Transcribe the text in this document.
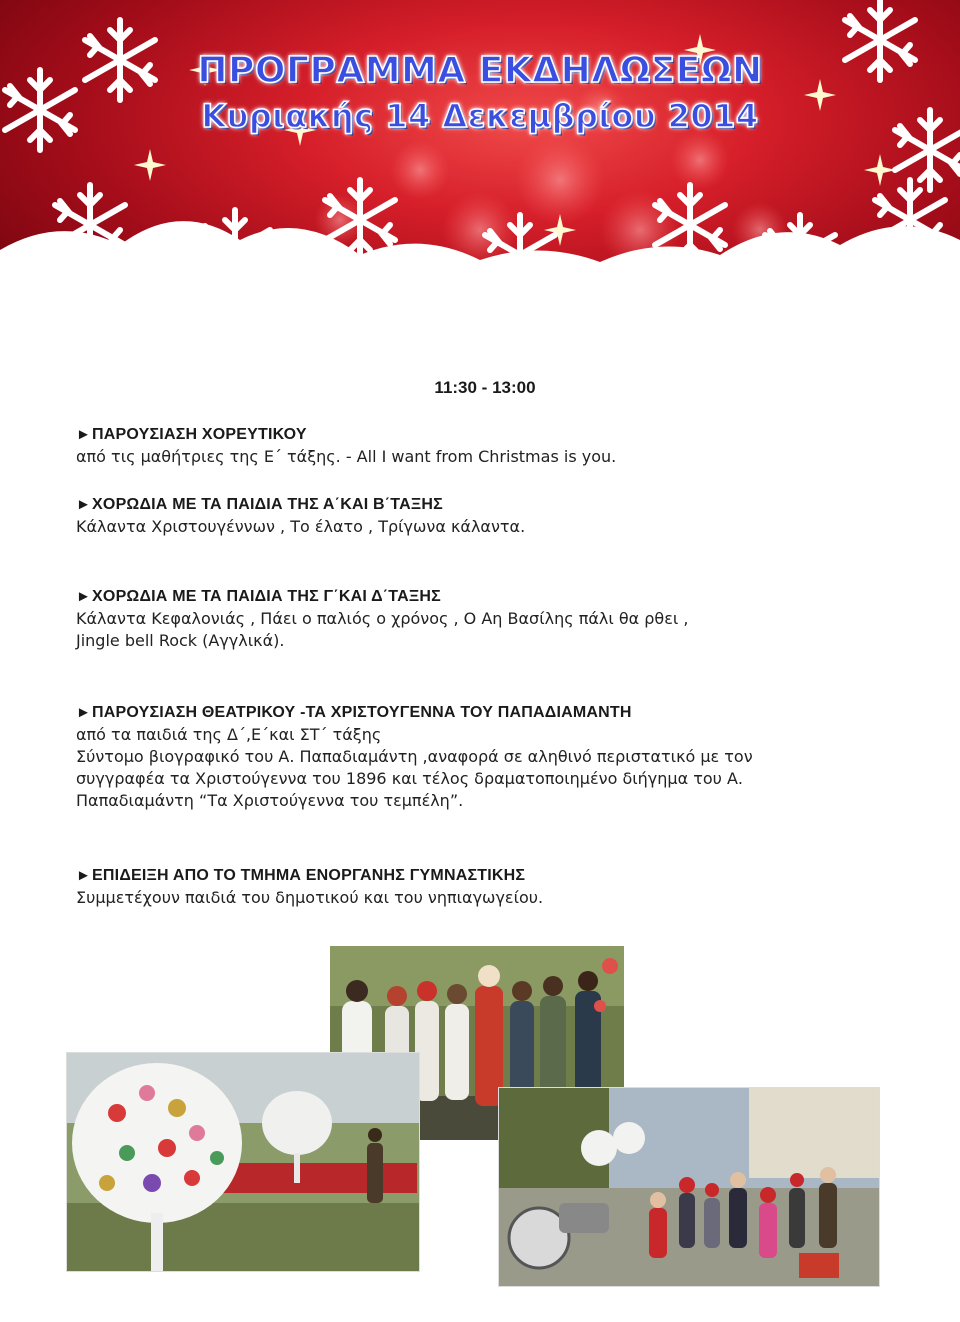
ΠΡΟΓΡΑΜΜΑ ΕΚΔΗΛΩΣΕΩΝ
Κυριακής 14 Δεκεμβρίου 2014
11:30 - 13:00
►ΠΑΡΟΥΣΙΑΣΗ ΧΟΡΕΥΤΙΚΟΥ
από τις μαθήτριες της Ε΄ τάξης. - All I want from Christmas is you.
►ΧΟΡΩΔΙΑ ΜΕ ΤΑ ΠΑΙΔΙΑ ΤΗΣ Α΄ΚΑΙ Β΄ΤΑΞΗΣ
Κάλαντα Χριστουγέννων , Το έλατο , Τρίγωνα κάλαντα.
►ΧΟΡΩΔΙΑ ΜΕ ΤΑ ΠΑΙΔΙΑ ΤΗΣ Γ΄ΚΑΙ Δ΄ΤΑΞΗΣ
Κάλαντα Κεφαλονιάς , Πάει ο παλιός ο χρόνος , Ο Αη Βασίλης πάλι θα ρθει ,
Jingle bell Rock (Αγγλικά).
►ΠΑΡΟΥΣΙΑΣΗ ΘΕΑΤΡΙΚΟΥ -ΤΑ ΧΡΙΣΤΟΥΓΕΝΝΑ ΤΟΥ ΠΑΠΑΔΙΑΜΑΝΤΗ
από τα παιδιά της Δ΄,Ε΄και ΣΤ΄ τάξης
Σύντομο βιογραφικό του Α. Παπαδιαμάντη ,αναφορά σε αληθινό περιστατικό με τον
συγγραφέα τα Χριστούγεννα του 1896 και τέλος δραματοποιημένο διήγημα του Α.
Παπαδιαμάντη “Τα Χριστούγεννα του τεμπέλη”.
►ΕΠΙΔΕΙΞΗ ΑΠΟ ΤΟ ΤΜΗΜΑ ΕΝΟΡΓΑΝΗΣ ΓΥΜΝΑΣΤΙΚΗΣ
Συμμετέχουν παιδιά του δημοτικού και του νηπιαγωγείου.
